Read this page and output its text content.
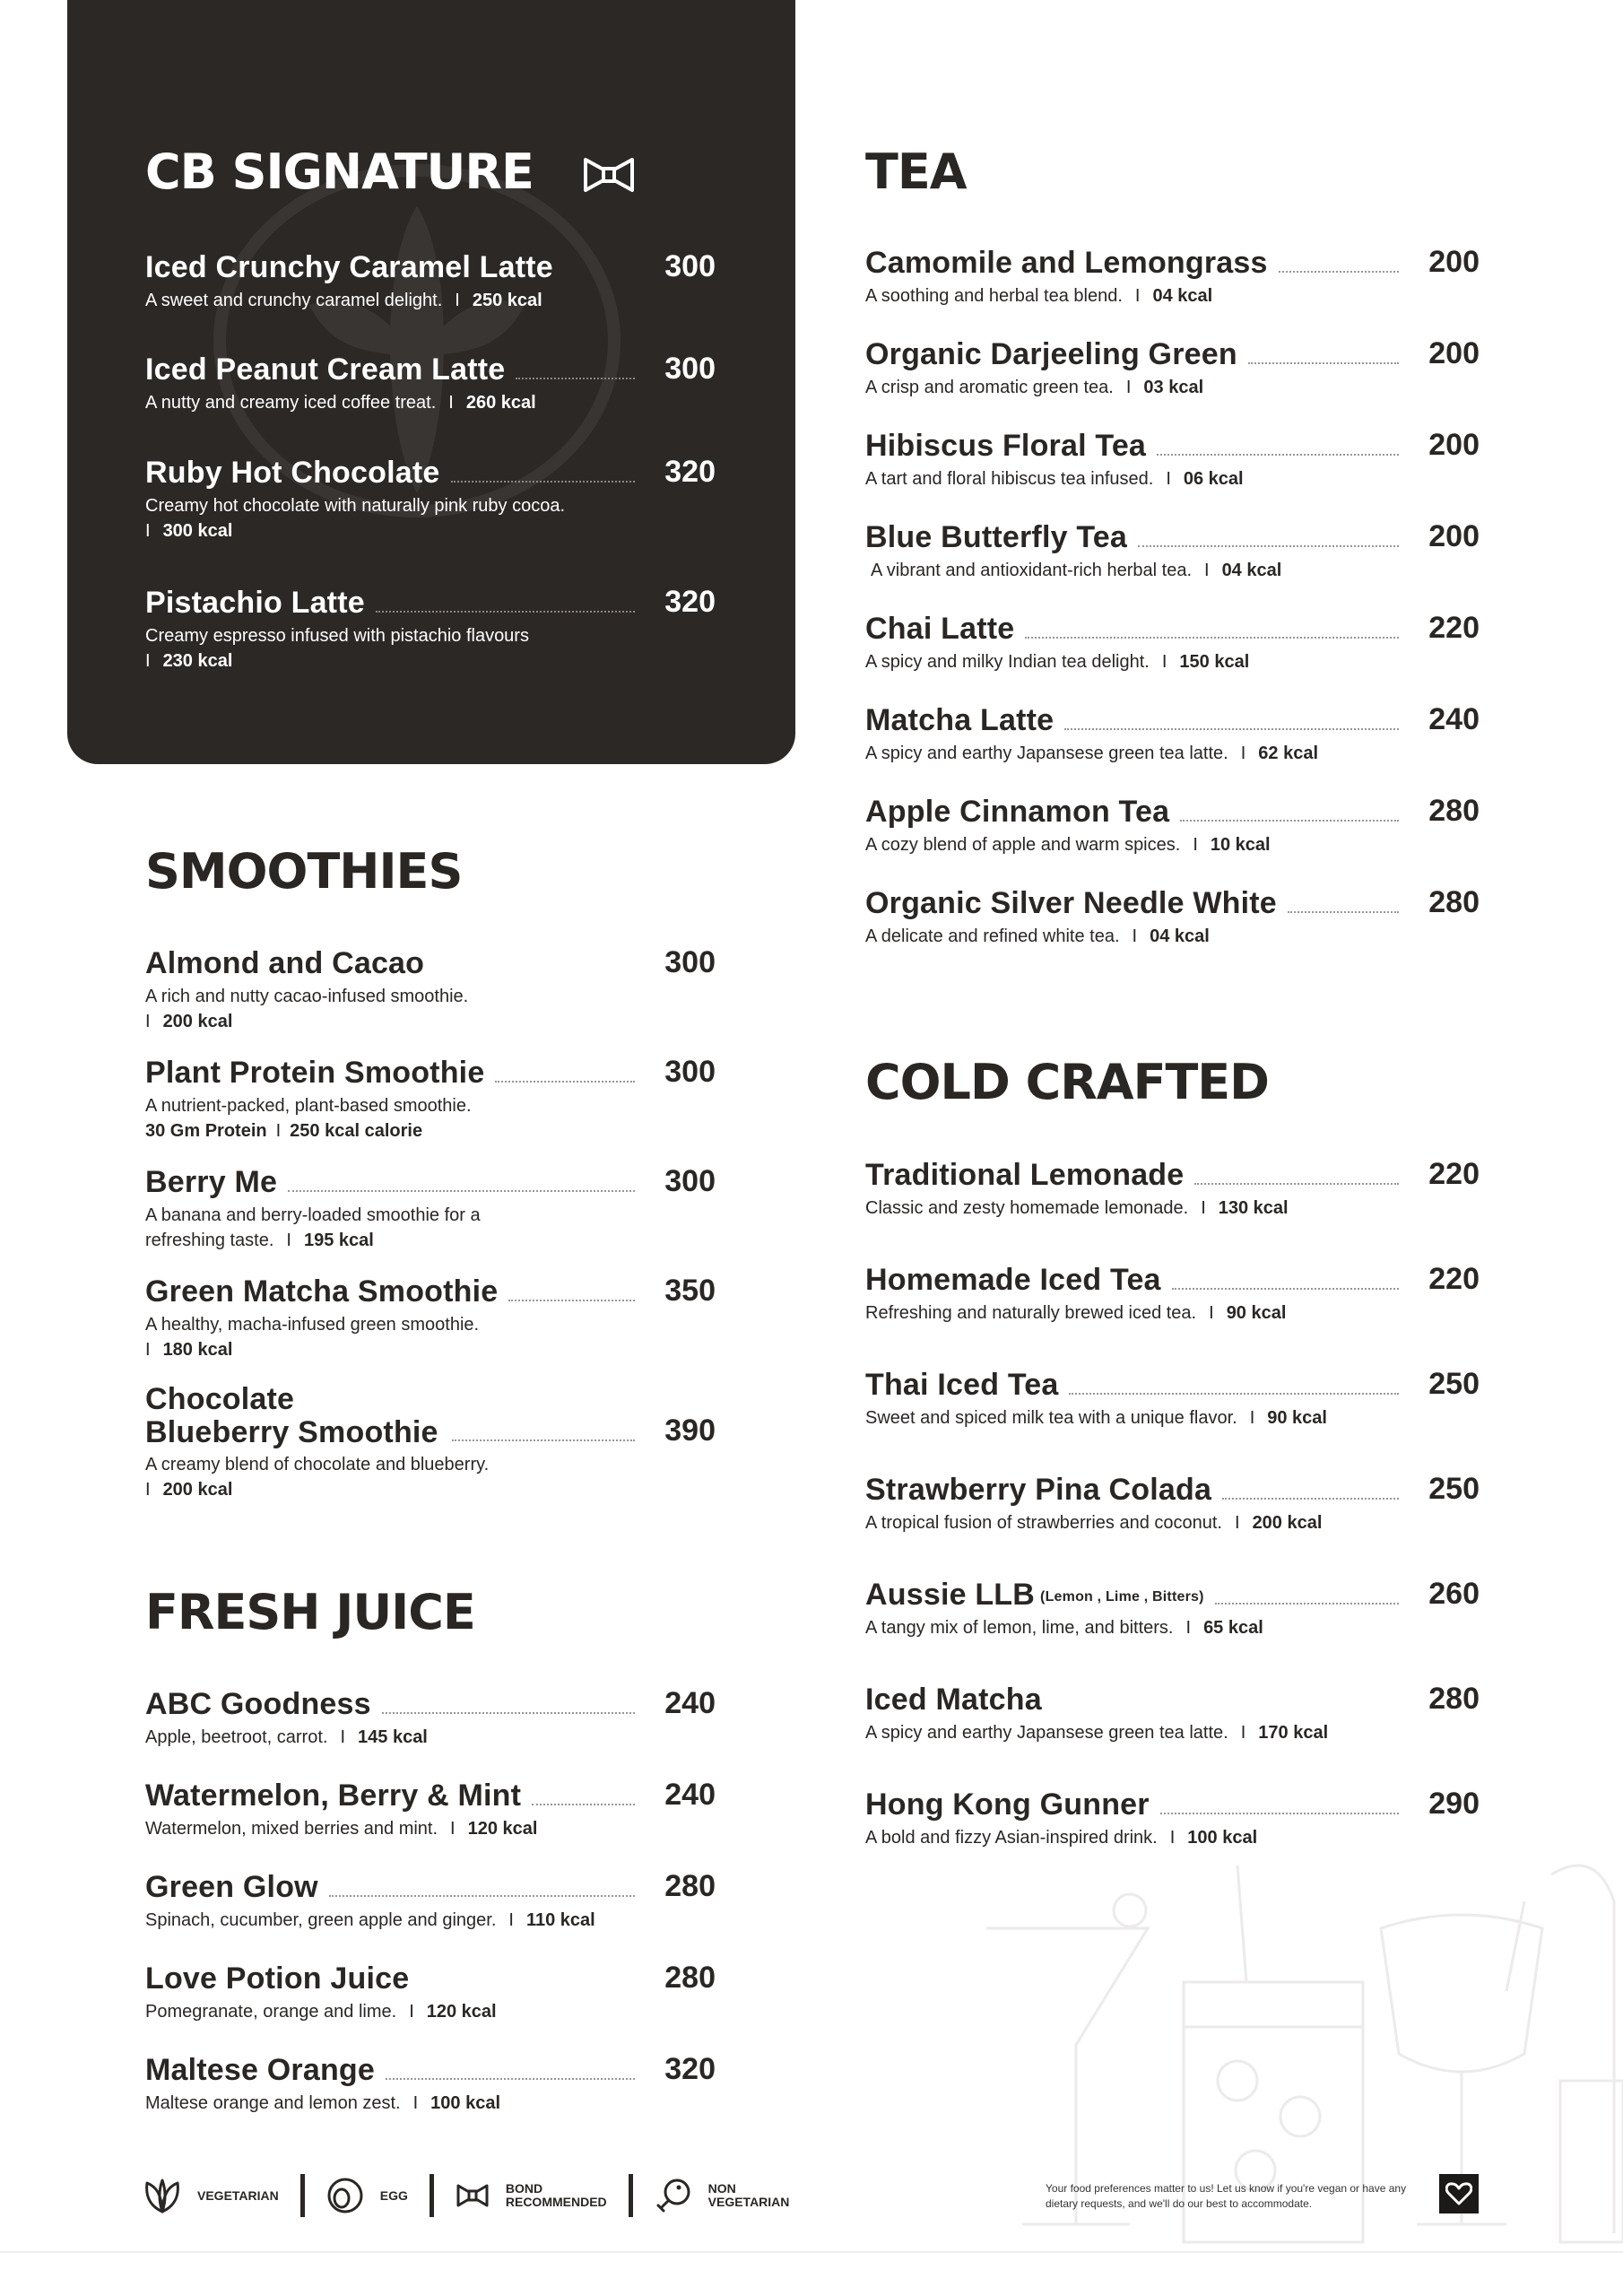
CB SIGNATURE
Iced Crunchy Caramel Latte	300
A sweet and crunchy caramel delight. I 250 kcal
Iced Peanut Cream Latte	300
A nutty and creamy iced coffee treat. I 260 kcal
Ruby Hot Chocolate	320
Creamy hot chocolate with naturally pink ruby cocoa.
I 300 kcal
Pistachio Latte	320
Creamy espresso infused with pistachio flavours
I 230 kcal
SMOOTHIES
Almond and Cacao	300
A rich and nutty cacao-infused smoothie.
I 200 kcal
Plant Protein Smoothie	300
A nutrient-packed, plant-based smoothie.
30 Gm Protein I 250 kcal calorie
Berry Me	300
A banana and berry-loaded smoothie for a refreshing taste. I 195 kcal
Green Matcha Smoothie	350
A healthy, macha-infused green smoothie.
I 180 kcal
Chocolate Blueberry Smoothie	390
A creamy blend of chocolate and blueberry.
I 200 kcal
FRESH JUICE
ABC Goodness	240
Apple, beetroot, carrot. I 145 kcal
Watermelon, Berry & Mint	240
Watermelon, mixed berries and mint. I 120 kcal
Green Glow	280
Spinach, cucumber, green apple and ginger. I 110 kcal
Love Potion Juice	280
Pomegranate, orange and lime. I 120 kcal
Maltese Orange	320
Maltese orange and lemon zest. I 100 kcal
TEA
Camomile and Lemongrass	200
A soothing and herbal tea blend. I 04 kcal
Organic Darjeeling Green	200
A crisp and aromatic green tea. I 03 kcal
Hibiscus Floral Tea	200
A tart and floral hibiscus tea infused. I 06 kcal
Blue Butterfly Tea	200
A vibrant and antioxidant-rich herbal tea. I 04 kcal
Chai Latte	220
A spicy and milky Indian tea delight. I 150 kcal
Matcha Latte	240
A spicy and earthy Japansese green tea latte. I 62 kcal
Apple Cinnamon Tea	280
A cozy blend of apple and warm spices. I 10 kcal
Organic Silver Needle White	280
A delicate and refined white tea. I 04 kcal
COLD CRAFTED
Traditional Lemonade	220
Classic and zesty homemade lemonade. I 130 kcal
Homemade Iced Tea	220
Refreshing and naturally brewed iced tea. I 90 kcal
Thai Iced Tea	250
Sweet and spiced milk tea with a unique flavor. I 90 kcal
Strawberry Pina Colada	250
A tropical fusion of strawberries and coconut. I 200 kcal
Aussie LLB (Lemon , Lime , Bitters)	260
A tangy mix of lemon, lime, and bitters. I 65 kcal
Iced Matcha	280
A spicy and earthy Japansese green tea latte. I 170 kcal
Hong Kong Gunner	290
A bold and fizzy Asian-inspired drink. I 100 kcal
VEGETARIAN	EGG	BOND
RECOMMENDED
NON
VEGETARIAN
Your food preferences matter to us! Let us know if you're vegan or have any dietary requests, and we'll do our best to accommodate.
